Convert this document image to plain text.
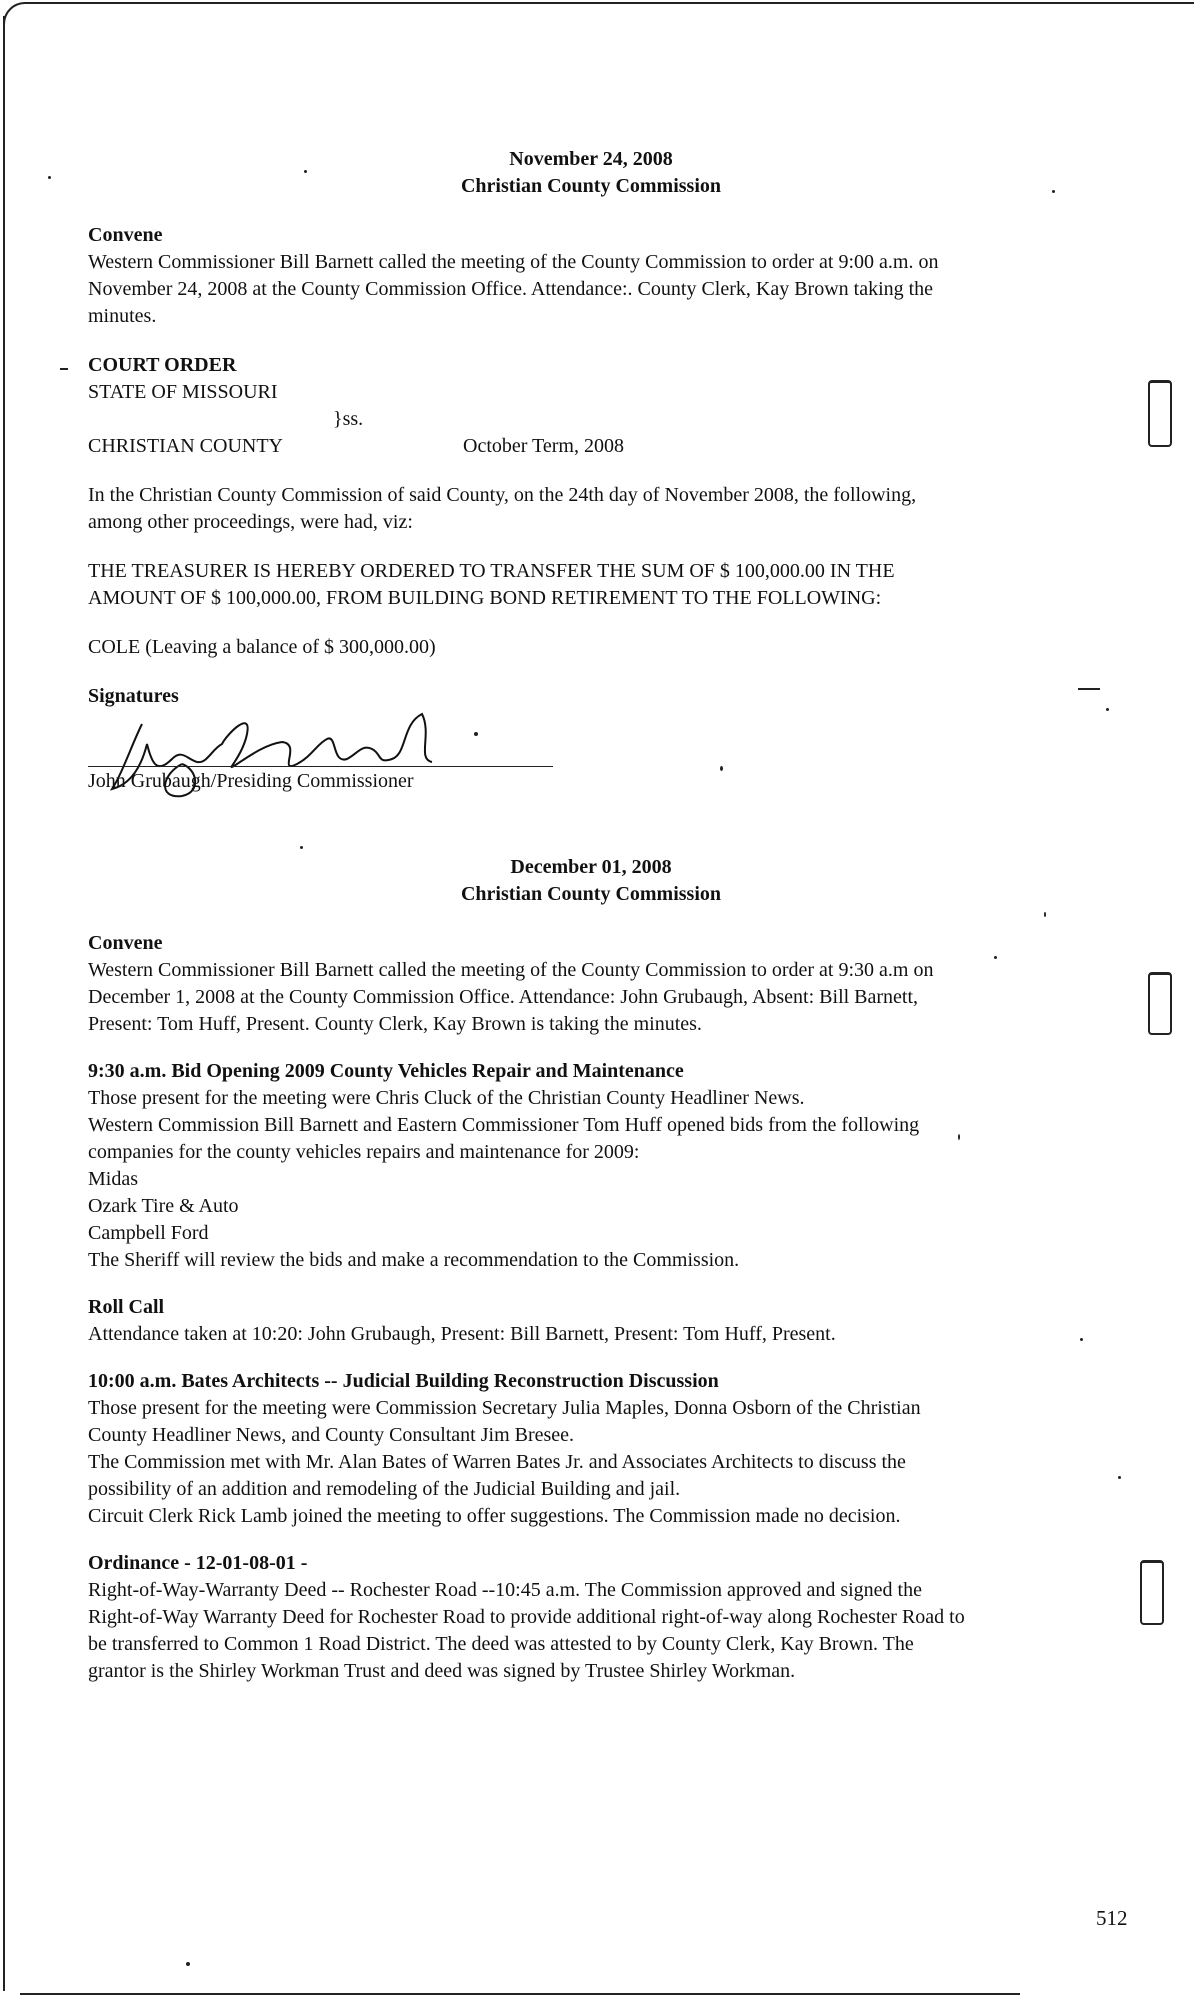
November 24, 2008
Christian County Commission
Convene
Western Commissioner Bill Barnett called the meeting of the County Commission to order at 9:00 a.m. on
November 24, 2008 at the County Commission Office. Attendance:. County Clerk, Kay Brown taking the
minutes.
COURT ORDER
STATE OF MISSOURI
}ss.
CHRISTIAN COUNTY	October Term, 2008
In the Christian County Commission of said County, on the 24th day of November 2008, the following,
among other proceedings, were had, viz:
THE TREASURER IS HEREBY ORDERED TO TRANSFER THE SUM OF $ 100,000.00 IN THE
AMOUNT OF $ 100,000.00, FROM BUILDING BOND RETIREMENT TO THE FOLLOWING:
COLE (Leaving a balance of $ 300,000.00)
Signatures
John Grubaugh/Presiding Commissioner
December 01, 2008
Christian County Commission
Convene
Western Commissioner Bill Barnett called the meeting of the County Commission to order at 9:30 a.m on
December 1, 2008 at the County Commission Office. Attendance: John Grubaugh, Absent: Bill Barnett,
Present: Tom Huff, Present. County Clerk, Kay Brown is taking the minutes.
9:30 a.m. Bid Opening 2009 County Vehicles Repair and Maintenance
Those present for the meeting were Chris Cluck of the Christian County Headliner News.
Western Commission Bill Barnett and Eastern Commissioner Tom Huff opened bids from the following
companies for the county vehicles repairs and maintenance for 2009:
Midas
Ozark Tire & Auto
Campbell Ford
The Sheriff will review the bids and make a recommendation to the Commission.
Roll Call
Attendance taken at 10:20: John Grubaugh, Present: Bill Barnett, Present: Tom Huff, Present.
10:00 a.m. Bates Architects -- Judicial Building Reconstruction Discussion
Those present for the meeting were Commission Secretary Julia Maples, Donna Osborn of the Christian
County Headliner News, and County Consultant Jim Bresee.
The Commission met with Mr. Alan Bates of Warren Bates Jr. and Associates Architects to discuss the
possibility of an addition and remodeling of the Judicial Building and jail.
Circuit Clerk Rick Lamb joined the meeting to offer suggestions. The Commission made no decision.
Ordinance - 12-01-08-01 -
Right-of-Way-Warranty Deed -- Rochester Road --10:45 a.m. The Commission approved and signed the
Right-of-Way Warranty Deed for Rochester Road to provide additional right-of-way along Rochester Road to
be transferred to Common 1 Road District. The deed was attested to by County Clerk, Kay Brown. The
grantor is the Shirley Workman Trust and deed was signed by Trustee Shirley Workman.
512
